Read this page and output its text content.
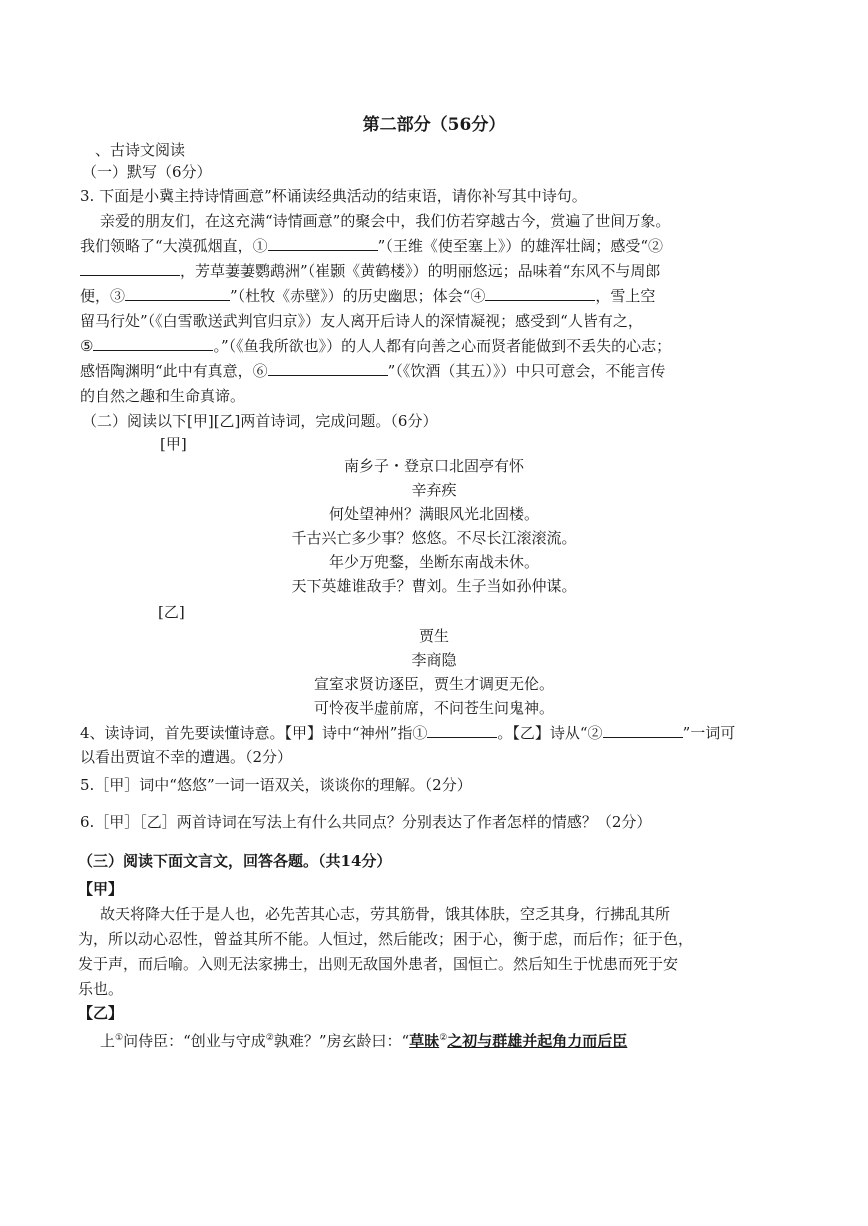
第二部分（56分）
、古诗文阅读
（一）默写（6分）
3. 下面是小冀主持诗情画意”杯诵读经典活动的结束语，请你补写其中诗句。
亲爱的朋友们，在这充满“诗情画意”的聚会中，我们仿若穿越古今，赏遍了世间万象。
我们领略了“大漠孤烟直，①	”（王维《使至塞上》）的雄浑壮阔；感受“②
，芳草萋萋鹦鹉洲”（崔颢《黄鹤楼》）的明丽悠远；品味着“东风不与周郎
便，③	”（杜牧《赤壁》）的历史幽思；体会“④	，雪上空
留马行处”（《白雪歌送武判官归京》）友人离开后诗人的深情凝视；感受到“人皆有之，
⑤	。”（《鱼我所欲也》）的人人都有向善之心而贤者能做到不丢失的心志；
感悟陶渊明“此中有真意，⑥	”（《饮酒（其五）》）中只可意会，不能言传
的自然之趣和生命真谛。
（二）阅读以下[甲][乙]两首诗词，完成问题。（6分）
[甲]
南乡子・登京口北固亭有怀
辛弃疾
何处望神州？满眼风光北固楼。
千古兴亡多少事？悠悠。不尽长江滚滚流。
年少万兜鍪，坐断东南战未休。
天下英雄谁敌手？曹刘。生子当如孙仲谋。
[乙]
贾生
李商隐
宣室求贤访逐臣，贾生才调更无伦。
可怜夜半虚前席，不问苍生问鬼神。
4、读诗词，首先要读懂诗意。【甲】诗中“神州”指①	。【乙】诗从“②	”一词可
以看出贾谊不幸的遭遇。（2分）
5.［甲］词中“悠悠”一词一语双关，谈谈你的理解。（2分）
6.［甲］［乙］两首诗词在写法上有什么共同点？分别表达了作者怎样的情感？（2分）
（三）阅读下面文言文，回答各题。（共14分）
【甲】
故天将降大任于是人也，必先苦其心志，劳其筋骨，饿其体肤，空乏其身，行拂乱其所
为，所以动心忍性，曾益其所不能。人恒过，然后能改；困于心，衡于虑，而后作；征于色，
发于声，而后喻。入则无法家拂士，出则无敌国外患者，国恒亡。然后知生于忧患而死于安
乐也。
【乙】
上①问侍臣：“创业与守成②孰难？”房玄龄曰：“草昧②之初与群雄并起角力而后臣
